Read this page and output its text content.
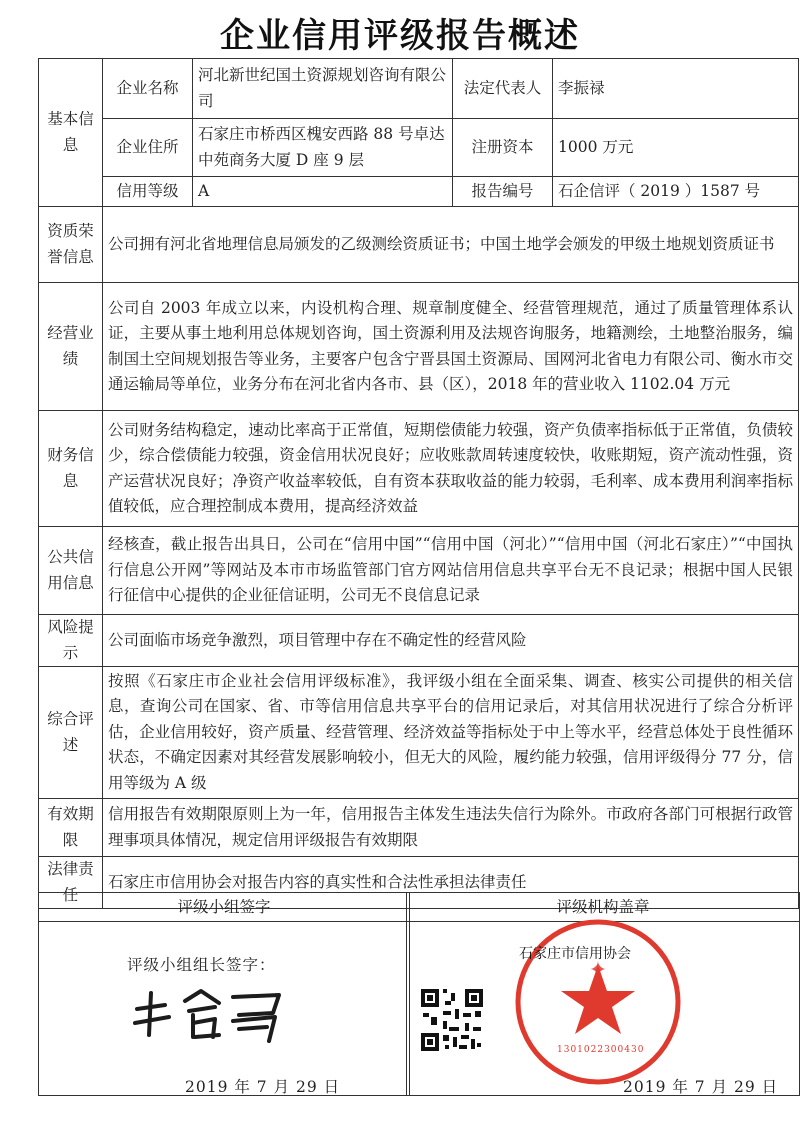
企业信用评级报告概述
基本信息	企业名称	河北新世纪国土资源规划咨询有限公司	法定代表人	李振禄
	企业住所	石家庄市桥西区槐安西路 88 号卓达中苑商务大厦 D 座 9 层	注册资本	1000 万元
	信用等级	A	报告编号	石企信评（ 2019 ）1587 号
资质荣誉信息	公司拥有河北省地理信息局颁发的乙级测绘资质证书；中国土地学会颁发的甲级土地规划资质证书			
经营业绩	公司自 2003 年成立以来，内设机构合理、规章制度健全、经营管理规范，通过了质量管理体系认证，主要从事土地利用总体规划咨询，国土资源利用及法规咨询服务，地籍测绘，土地整治服务，编制国土空间规划报告等业务，主要客户包含宁晋县国土资源局、国网河北省电力有限公司、衡水市交通运输局等单位，业务分布在河北省内各市、县（区），2018 年的营业收入 1102.04 万元			
财务信息	公司财务结构稳定，速动比率高于正常值，短期偿债能力较强，资产负债率指标低于正常值，负债较少，综合偿债能力较强，资金信用状况良好；应收账款周转速度较快，收账期短，资产流动性强，资产运营状况良好；净资产收益率较低，自有资本获取收益的能力较弱，毛利率、成本费用利润率指标值较低，应合理控制成本费用，提高经济效益			
公共信用信息	经核查，截止报告出具日，公司在“信用中国”“信用中国（河北）”“信用中国（河北石家庄）”“中国执行信息公开网”等网站及本市市场监管部门官方网站信用信息共享平台无不良记录；根据中国人民银行征信中心提供的企业征信证明，公司无不良信息记录			
风险提示	公司面临市场竞争激烈，项目管理中存在不确定性的经营风险			
综合评述	按照《石家庄市企业社会信用评级标准》，我评级小组在全面采集、调查、核实公司提供的相关信息，查询公司在国家、省、市等信用信息共享平台的信用记录后，对其信用状况进行了综合分析评估，企业信用较好，资产质量、经营管理、经济效益等指标处于中上等水平，经营总体处于良性循环状态，不确定因素对其经营发展影响较小，但无大的风险，履约能力较强，信用评级得分 77 分，信用等级为 A 级			
有效期限	信用报告有效期限原则上为一年，信用报告主体发生违法失信行为除外。市政府各部门可根据行政管理事项具体情况，规定信用评级报告有效期限			
法律责任	石家庄市信用协会对报告内容的真实性和合法性承担法律责任			
评级小组签字
评级小组组长签字：
2019 年 7 月 29 日
评级机构盖章
✦
石家庄市信用协会
1301022300430
2019 年 7 月 29 日
